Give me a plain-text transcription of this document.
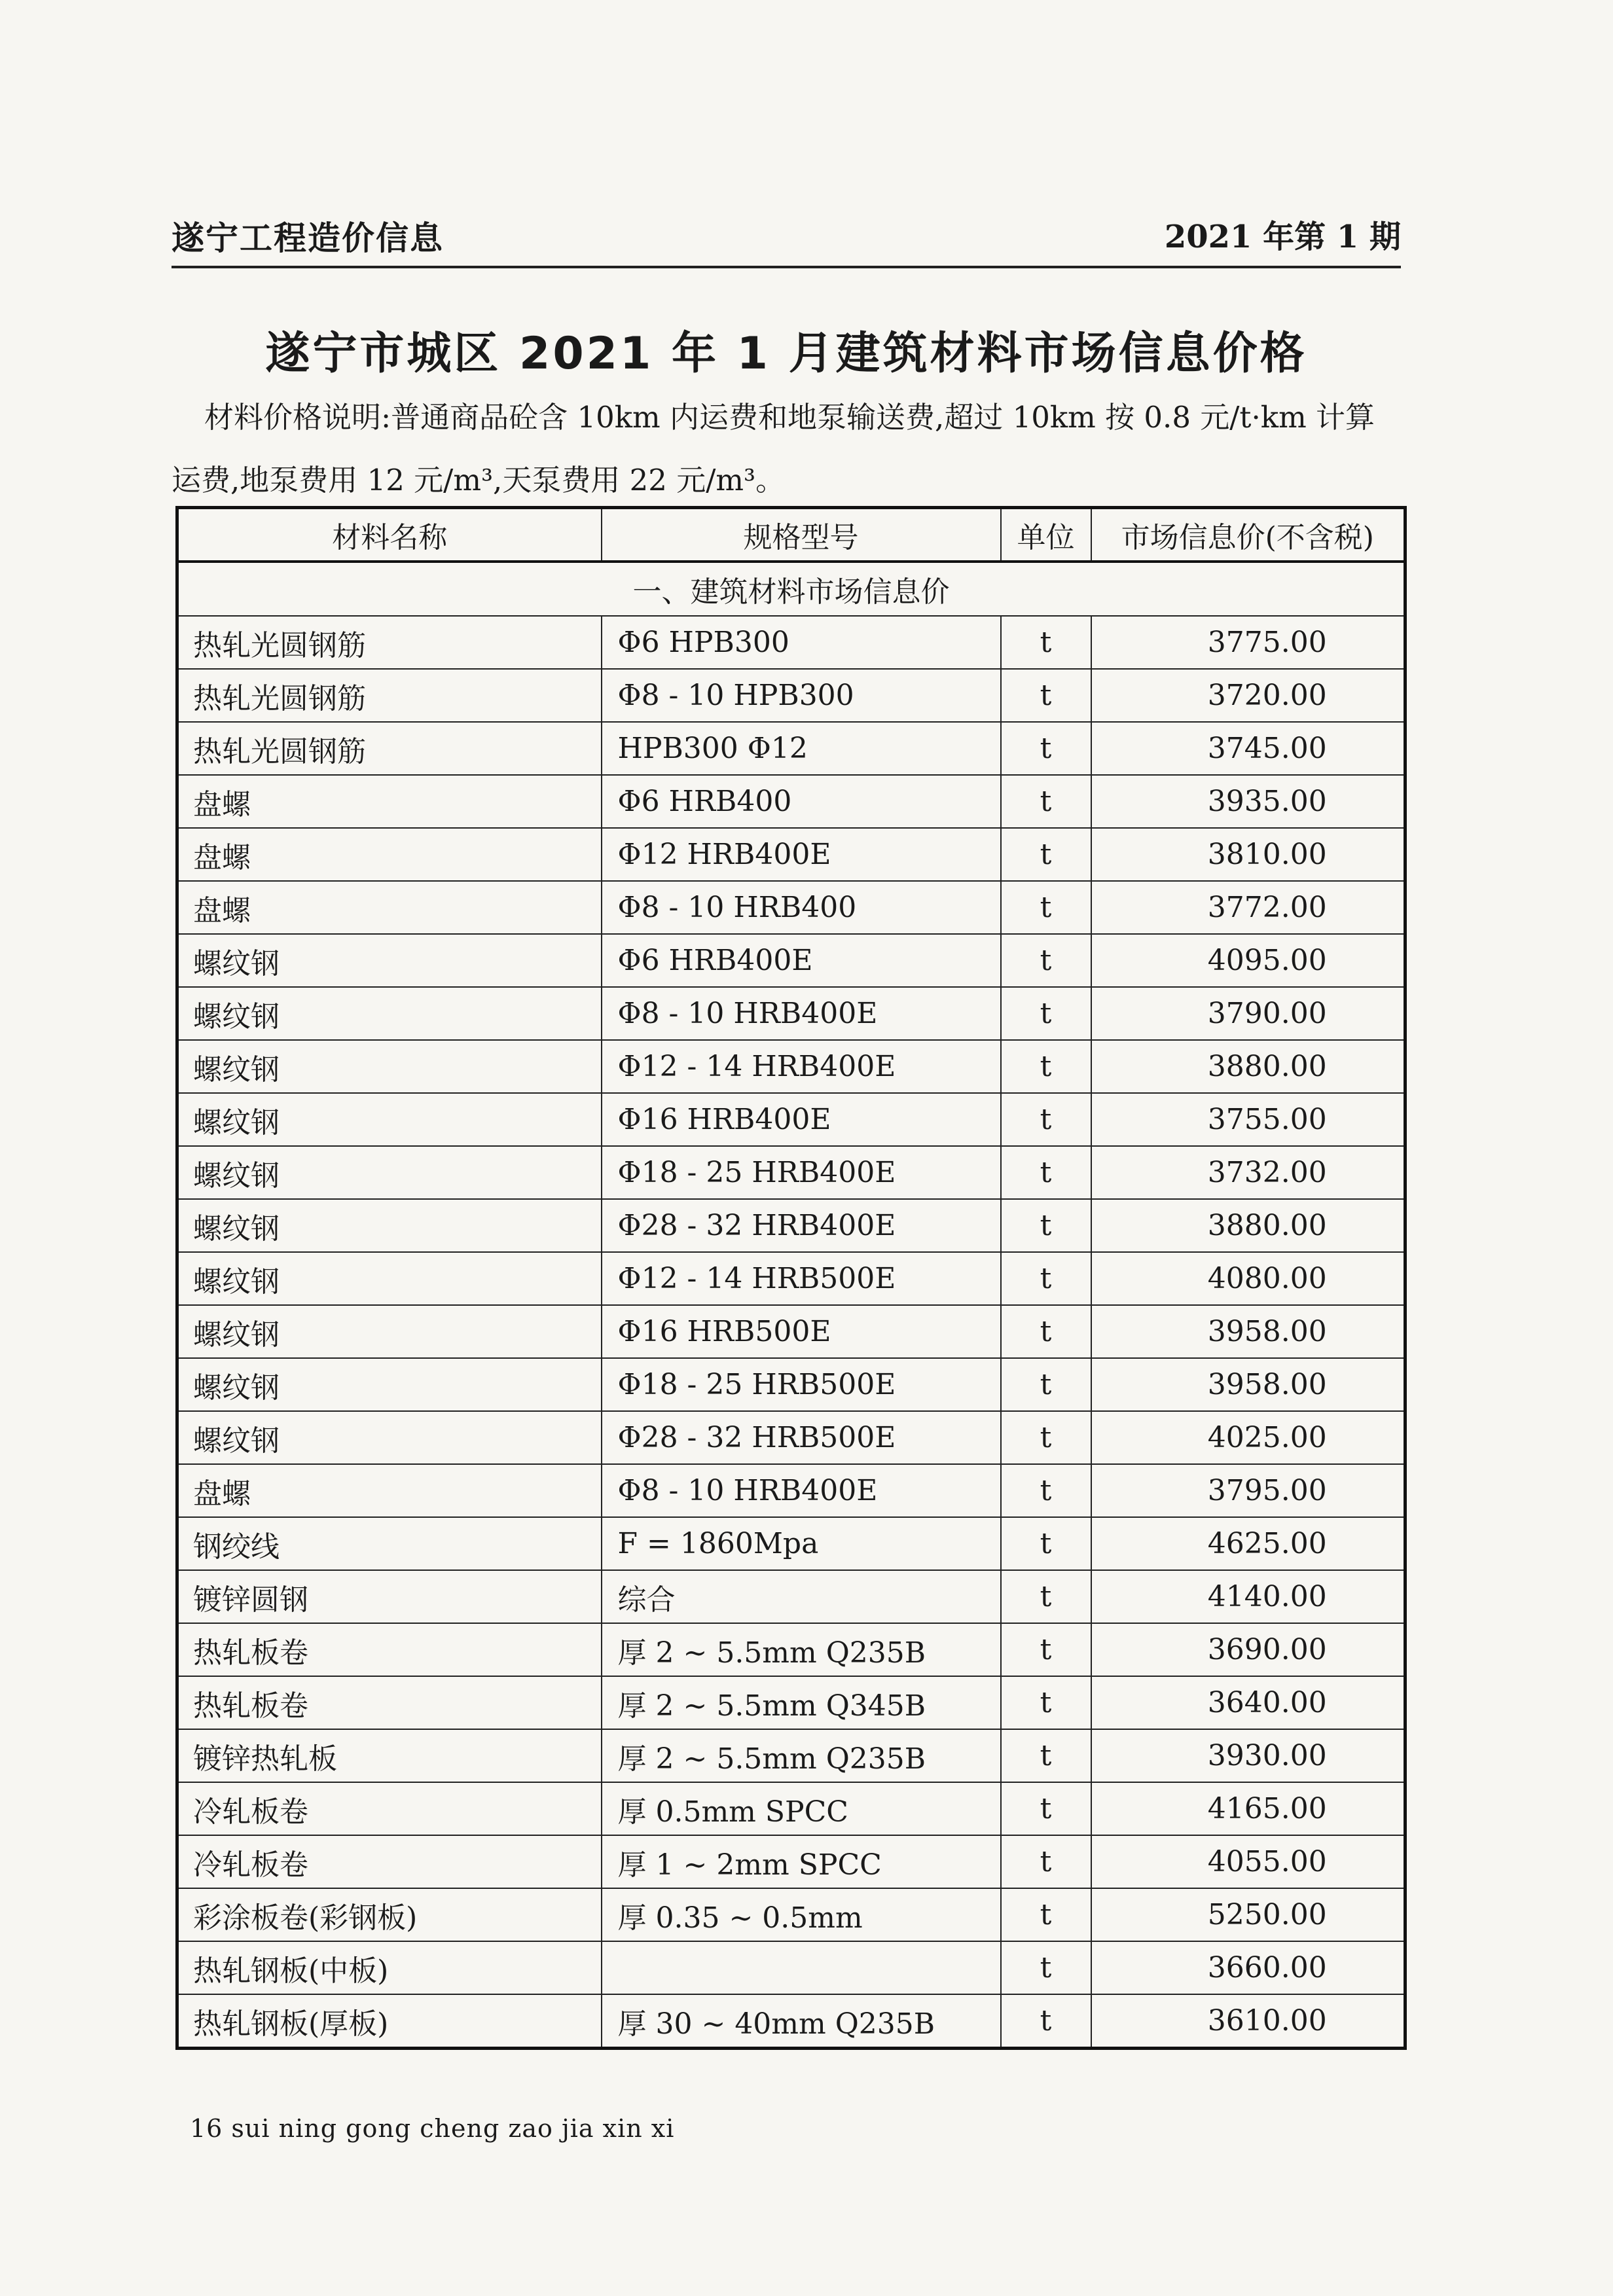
遂宁工程造价信息	2021 年第 1 期
遂宁市城区 2021 年 1 月建筑材料市场信息价格
材料价格说明:普通商品砼含 10km 内运费和地泵输送费,超过 10km 按 0.8 元/t·km 计算运费,地泵费用 12 元/m³,天泵费用 22 元/m³。
材料名称	规格型号	单位	市场信息价(不含税)
一、建筑材料市场信息价			
热轧光圆钢筋	Φ6 HPB300	t	3775.00
热轧光圆钢筋	Φ8 - 10 HPB300	t	3720.00
热轧光圆钢筋	HPB300 Φ12	t	3745.00
盘螺	Φ6 HRB400	t	3935.00
盘螺	Φ12 HRB400E	t	3810.00
盘螺	Φ8 - 10 HRB400	t	3772.00
螺纹钢	Φ6 HRB400E	t	4095.00
螺纹钢	Φ8 - 10 HRB400E	t	3790.00
螺纹钢	Φ12 - 14 HRB400E	t	3880.00
螺纹钢	Φ16 HRB400E	t	3755.00
螺纹钢	Φ18 - 25 HRB400E	t	3732.00
螺纹钢	Φ28 - 32 HRB400E	t	3880.00
螺纹钢	Φ12 - 14 HRB500E	t	4080.00
螺纹钢	Φ16 HRB500E	t	3958.00
螺纹钢	Φ18 - 25 HRB500E	t	3958.00
螺纹钢	Φ28 - 32 HRB500E	t	4025.00
盘螺	Φ8 - 10 HRB400E	t	3795.00
钢绞线	F = 1860Mpa	t	4625.00
镀锌圆钢	综合	t	4140.00
热轧板卷	厚 2 ~ 5.5mm Q235B	t	3690.00
热轧板卷	厚 2 ~ 5.5mm Q345B	t	3640.00
镀锌热轧板	厚 2 ~ 5.5mm Q235B	t	3930.00
冷轧板卷	厚 0.5mm SPCC	t	4165.00
冷轧板卷	厚 1 ~ 2mm SPCC	t	4055.00
彩涂板卷(彩钢板)	厚 0.35 ~ 0.5mm	t	5250.00
热轧钢板(中板)		t	3660.00
热轧钢板(厚板)	厚 30 ~ 40mm Q235B	t	3610.00
16 sui ning gong cheng zao jia xin xi
